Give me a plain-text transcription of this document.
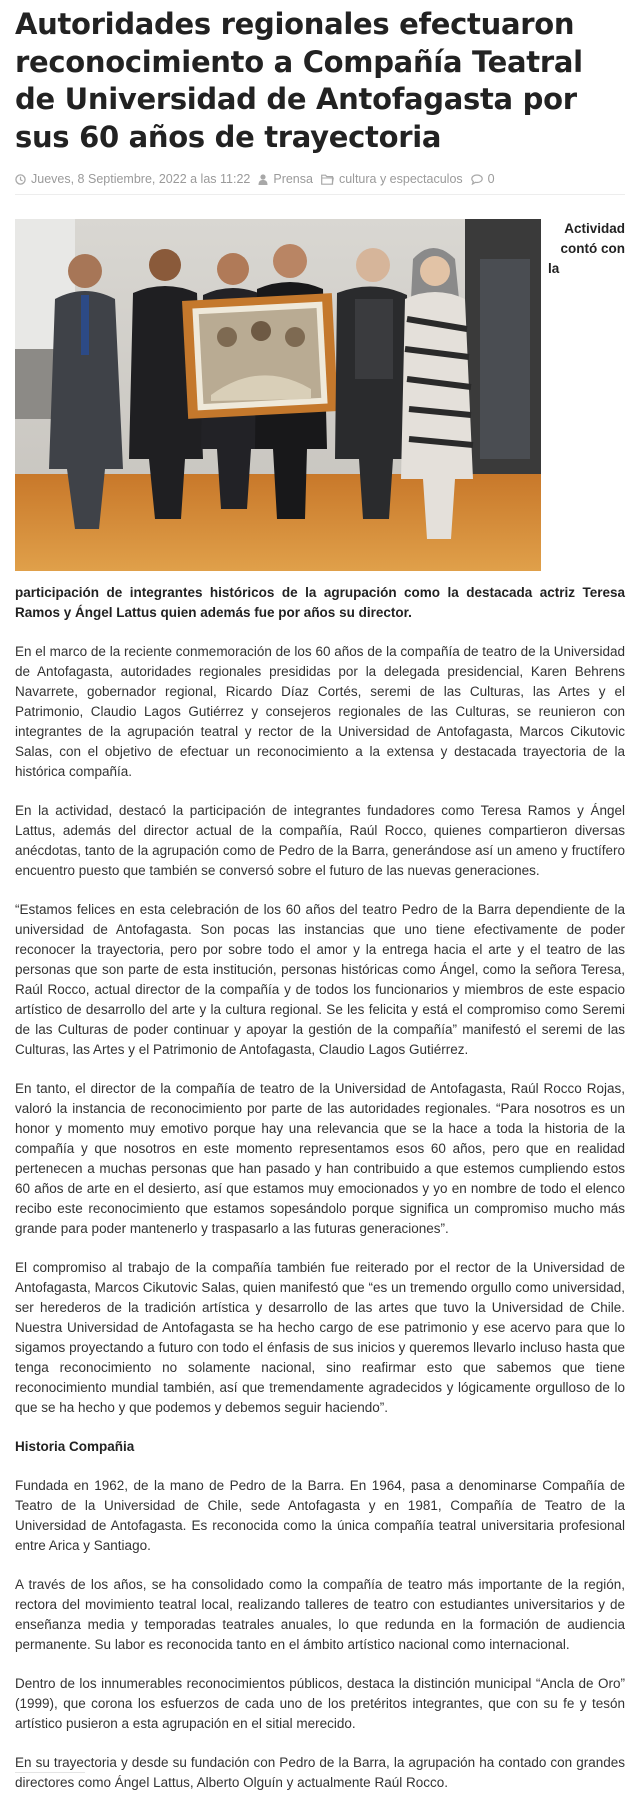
Autoridades regionales efectuaron reconocimiento a Compañía Teatral de Universidad de Antofagasta por sus 60 años de trayectoria
Jueves, 8 Septiembre, 2022 a las 11:22 Prensa cultura y espectaculos 0
Actividad
contó con
la

participación de integrantes históricos de la agrupación como la destacada actriz Teresa Ramos y Ángel Lattus quien además fue por años su director.

En el marco de la reciente conmemoración de los 60 años de la compañía de teatro de la Universidad de Antofagasta, autoridades regionales presididas por la delegada presidencial, Karen Behrens Navarrete, gobernador regional, Ricardo Díaz Cortés, seremi de las Culturas, las Artes y el Patrimonio, Claudio Lagos Gutiérrez y consejeros regionales de las Culturas, se reunieron con integrantes de la agrupación teatral y rector de la Universidad de Antofagasta, Marcos Cikutovic Salas, con el objetivo de efectuar un reconocimiento a la extensa y destacada trayectoria de la histórica compañía.

En la actividad, destacó la participación de integrantes fundadores como Teresa Ramos y Ángel Lattus, además del director actual de la compañía, Raúl Rocco, quienes compartieron diversas anécdotas, tanto de la agrupación como de Pedro de la Barra, generándose así un ameno y fructífero encuentro puesto que también se conversó sobre el futuro de las nuevas generaciones.

“Estamos felices en esta celebración de los 60 años del teatro Pedro de la Barra dependiente de la universidad de Antofagasta. Son pocas las instancias que uno tiene efectivamente de poder reconocer la trayectoria, pero por sobre todo el amor y la entrega hacia el arte y el teatro de las personas que son parte de esta institución, personas históricas como Ángel, como la señora Teresa, Raúl Rocco, actual director de la compañía y de todos los funcionarios y miembros de este espacio artístico de desarrollo del arte y la cultura regional. Se les felicita y está el compromiso como Seremi de las Culturas de poder continuar y apoyar la gestión de la compañía” manifestó el seremi de las Culturas, las Artes y el Patrimonio de Antofagasta, Claudio Lagos Gutiérrez.

En tanto, el director de la compañía de teatro de la Universidad de Antofagasta, Raúl Rocco Rojas, valoró la instancia de reconocimiento por parte de las autoridades regionales. “Para nosotros es un honor y momento muy emotivo porque hay una relevancia que se la hace a toda la historia de la compañía y que nosotros en este momento representamos esos 60 años, pero que en realidad pertenecen a muchas personas que han pasado y han contribuido a que estemos cumpliendo estos 60 años de arte en el desierto, así que estamos muy emocionados y yo en nombre de todo el elenco recibo este reconocimiento que estamos sopesándolo porque significa un compromiso mucho más grande para poder mantenerlo y traspasarlo a las futuras generaciones”.

El compromiso al trabajo de la compañía también fue reiterado por el rector de la Universidad de Antofagasta, Marcos Cikutovic Salas, quien manifestó que “es un tremendo orgullo como universidad, ser herederos de la tradición artística y desarrollo de las artes que tuvo la Universidad de Chile. Nuestra Universidad de Antofagasta se ha hecho cargo de ese patrimonio y ese acervo para que lo sigamos proyectando a futuro con todo el énfasis de sus inicios y queremos llevarlo incluso hasta que tenga reconocimiento no solamente nacional, sino reafirmar esto que sabemos que tiene reconocimiento mundial también, así que tremendamente agradecidos y lógicamente orgulloso de lo que se ha hecho y que podemos y debemos seguir haciendo”.

Historia Compañia

Fundada en 1962, de la mano de Pedro de la Barra. En 1964, pasa a denominarse Compañía de Teatro de la Universidad de Chile, sede Antofagasta y en 1981, Compañía de Teatro de la Universidad de Antofagasta. Es reconocida como la única compañía teatral universitaria profesional entre Arica y Santiago.

A través de los años, se ha consolidado como la compañía de teatro más importante de la región, rectora del movimiento teatral local, realizando talleres de teatro con estudiantes universitarios y de enseñanza media y temporadas teatrales anuales, lo que redunda en la formación de audiencia permanente. Su labor es reconocida tanto en el ámbito artístico nacional como internacional.

Dentro de los innumerables reconocimientos públicos, destaca la distinción municipal “Ancla de Oro” (1999), que corona los esfuerzos de cada uno de los pretéritos integrantes, que con su fe y tesón artístico pusieron a esta agrupación en el sitial merecido.

En su trayectoria y desde su fundación con Pedro de la Barra, la agrupación ha contado con grandes directores como Ángel Lattus, Alberto Olguín y actualmente Raúl Rocco.
